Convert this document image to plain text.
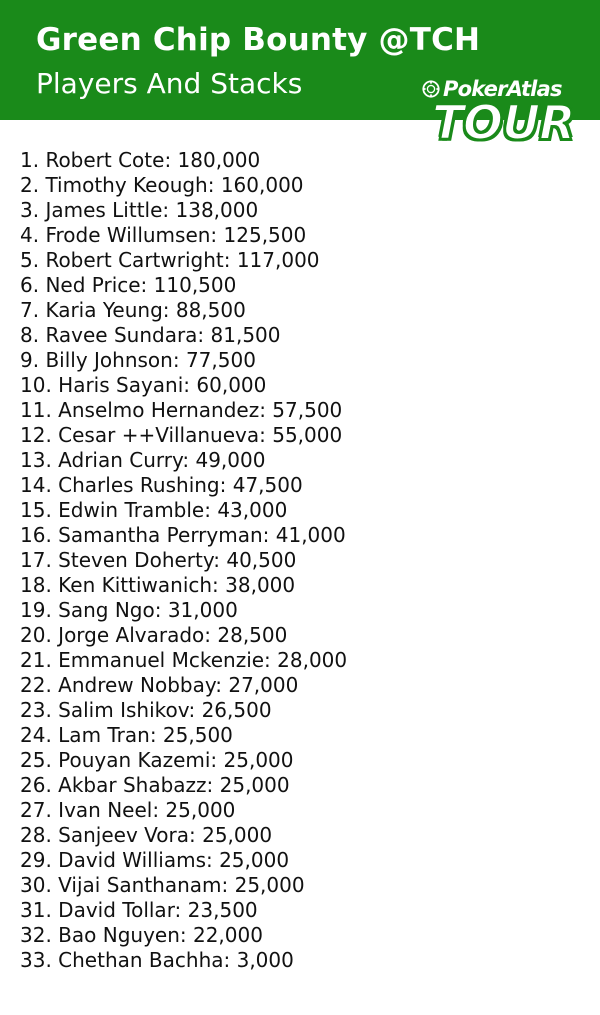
Green Chip Bounty @TCH
Players And Stacks	PokerAtlas
TOUR
1. Robert Cote: 180,000
2. Timothy Keough: 160,000
3. James Little: 138,000
4. Frode Willumsen: 125,500
5. Robert Cartwright: 117,000
6. Ned Price: 110,500
7. Karia Yeung: 88,500
8. Ravee Sundara: 81,500
9. Billy Johnson: 77,500
10. Haris Sayani: 60,000
11. Anselmo Hernandez: 57,500
12. Cesar ++Villanueva: 55,000
13. Adrian Curry: 49,000
14. Charles Rushing: 47,500
15. Edwin Tramble: 43,000
16. Samantha Perryman: 41,000
17. Steven Doherty: 40,500
18. Ken Kittiwanich: 38,000
19. Sang Ngo: 31,000
20. Jorge Alvarado: 28,500
21. Emmanuel Mckenzie: 28,000
22. Andrew Nobbay: 27,000
23. Salim Ishikov: 26,500
24. Lam Tran: 25,500
25. Pouyan Kazemi: 25,000
26. Akbar Shabazz: 25,000
27. Ivan Neel: 25,000
28. Sanjeev Vora: 25,000
29. David Williams: 25,000
30. Vijai Santhanam: 25,000
31. David Tollar: 23,500
32. Bao Nguyen: 22,000
33. Chethan Bachha: 3,000
